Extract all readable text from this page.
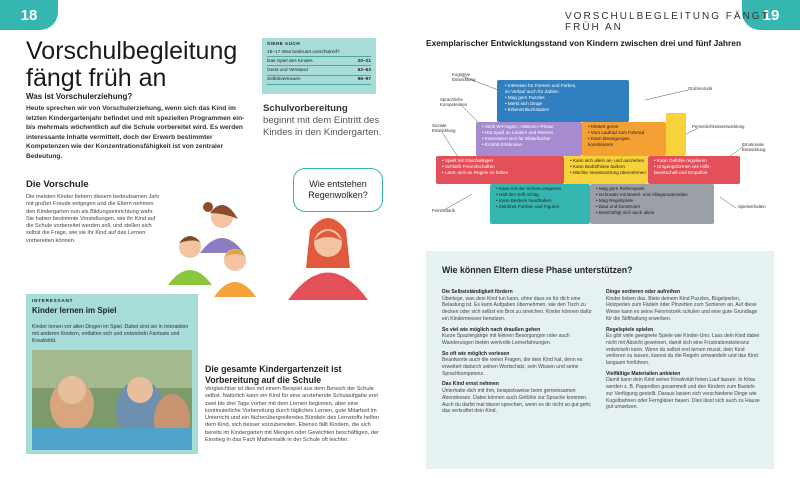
18	19
VORSCHULBEGLEITUNG FÄNGT FRÜH AN
Vorschulbegleitung
fängt früh an
Was ist Vorschulerziehung?
Heute sprechen wir von Vorschulerziehung, wenn sich das Kind im letzten Kindergartenjahr befindet und mit speziellen Programmen ein- bis mehrmals wöchentlich auf die Schule vorbereitet wird. Es werden interessante Inhalte vermittelt, doch der Erwerb bestimmter Kompetenzen wie der Konzentrationsfähigkeit ist von zentraler Bedeutung.
SIEHE AUCH
16–17 Was bedeutet vorschulreif?
Das Spiel des Kindes	20–21
Geist und Verstand	62–63
Selbstvertrauen	96–97
Schulvorbereitung
beginnt mit dem Eintritt des Kindes in den Kindergarten.
Die Vorschule
Die meisten Kinder fiebern diesem bedeutsamen Jahr mit großer Freude entgegen und die Eltern nehmen den Kindergarten nun als Bildungseinrichtung wahr. Sie haben bestimmte Vorstellungen, wie ihr Kind auf die Schule vorbereitet werden soll, und stellen sich selbst die Frage, wie sie ihr Kind auf das Lernen vorbereiten können.
Wie entstehen Regenwolken?
INTERESSANT
Kinder lernen im Spiel
Kinder lernen vor allen Dingen im Spiel. Dabei sind sie in Interaktion mit anderen Kindern, entfalten sich und entwickeln Fantasie und Kreativität.
Die gesamte Kindergartenzeit ist Vorbereitung auf die Schule
Vergleichbar ist dies mit einem Beispiel aus dem Bereich der Schule selbst. Natürlich kann ein Kind für eine anstehende Schulaufgabe erst zwei bis drei Tage vorher mit dem Lernen beginnen, aber eine kontinuierliche Vorbereitung durch tägliches Lernen, gute Mitarbeit im Unterricht und ein fächerübergreifendes Bündeln des Lernstoffs helfen dem Kind, sich besser vorzubereiten. Ebenso fällt Kindern, die sich bereits im Kindergarten mit Mengen oder Gewichten beschäftigen, der Einstieg in das Fach Mathematik in der Schule oft leichter.
Exemplarischer Entwicklungsstand von Kindern zwischen drei und fünf Jahren
Kognitive Entwicklung
Sprachliche Kompetenzen
Soziale Entwicklung
Feinmotorik
Grobmotorik
Persönlichkeitsentwicklung
Emotionale Entwicklung
Spielverhalten
• Interesse für Formen und Farben,
im Verlauf auch für Zahlen
• Mag gern Puzzles
• Merkt sich Dinge
• Erkennt Buchstaben
• Stellt W-Fragen, »Warum«-Phase
• Hat Spaß an Liedern und Reimen
• Interessiert sich für Bilderbücher
• Erzählt Erlebnisse
• Klettert gerne
• Vom Laufrad zum Fahrrad
• Kann Bewegungen
koordinieren
• Spielt mit Gleichaltrigen
• Schließt Freundschaften
• Lernt, sich an Regeln zu halten
• Kann sich allein an- und ausziehen
• Kann Bedürfnisse äußern
• Möchte Verantwortung übernehmen
• Kann Gefühle regulieren
• Umgangsformen wie Hilfs-
bereitschaft und Empathie
• Kann mit der Schere umgehen
• Hält den Stift richtig
• Kann Besteck handhaben
• Zeichnet Formen und Figuren
• Mag gern Rollenspiele
• Ist kreativ mit Bastel- und Alltagsmaterialien
• Mag Regelspiele
• Baut und konstruiert
• Beschäftigt sich auch allein
Wie können Eltern diese Phase unterstützen?
Die Selbstständigkeit fördern
Überlege, was dein Kind tun kann, ohne dass es für dich eine Belastung ist. Es kann Aufgaben übernehmen, wie den Tisch zu decken oder sich selbst ein Brot zu streichen. Kinder können dafür ein Kindermesser benutzen.
So viel wie möglich nach draußen gehen
Kurze Spaziergänge mit kleinen Besorgungen oder auch Wanderungen bieten wertvolle Lernerfahrungen.
So oft wie möglich vorlesen
Beantworte auch die vielen Fragen, die dein Kind hat, denn es erweitert dadurch seinen Wortschatz, sein Wissen und seine Sprachkompetenz.
Das Kind ernst nehmen
Unterhalte dich mit ihm, beispielsweise beim gemeinsamen Abendessen. Dabei können auch Gefühle zur Sprache kommen. Auch du darfst mal davon sprechen, wenn es dir nicht so gut geht, das verkraftet dein Kind.
Dinge sortieren oder aufreihen
Kinder lieben das. Biete deinem Kind Puzzles, Bügelperlen, Holzperlen zum Fädeln oder Pinzetten zum Sortieren an. Auf diese Weise kann es seine Feinmotorik schulen und eine gute Grundlage für die Stifthaltung erwerben.
Regelspiele spielen
Es gibt viele geeignete Spiele wie Kinder-Uno. Lass dein Kind dabei nicht mit Absicht gewinnen, damit sich eine Frustrationstoleranz entwickeln kann. Wenn du selbst erst lernen musst, dein Kind verlieren zu lassen, kannst du die Regeln umwandeln und das Kind langsam hinführen.
Vielfältige Materialien anbieten
Damit kann dein Kind seiner Kreativität freien Lauf lassen. In Kitas werden z. B. Papprollen gesammelt und den Kindern zum Basteln zur Verfügung gestellt. Daraus lassen sich verschiedene Dinge wie Kugelbahnen oder Ferngläser bauen. Dies lässt sich auch zu Hause gut umsetzen.
